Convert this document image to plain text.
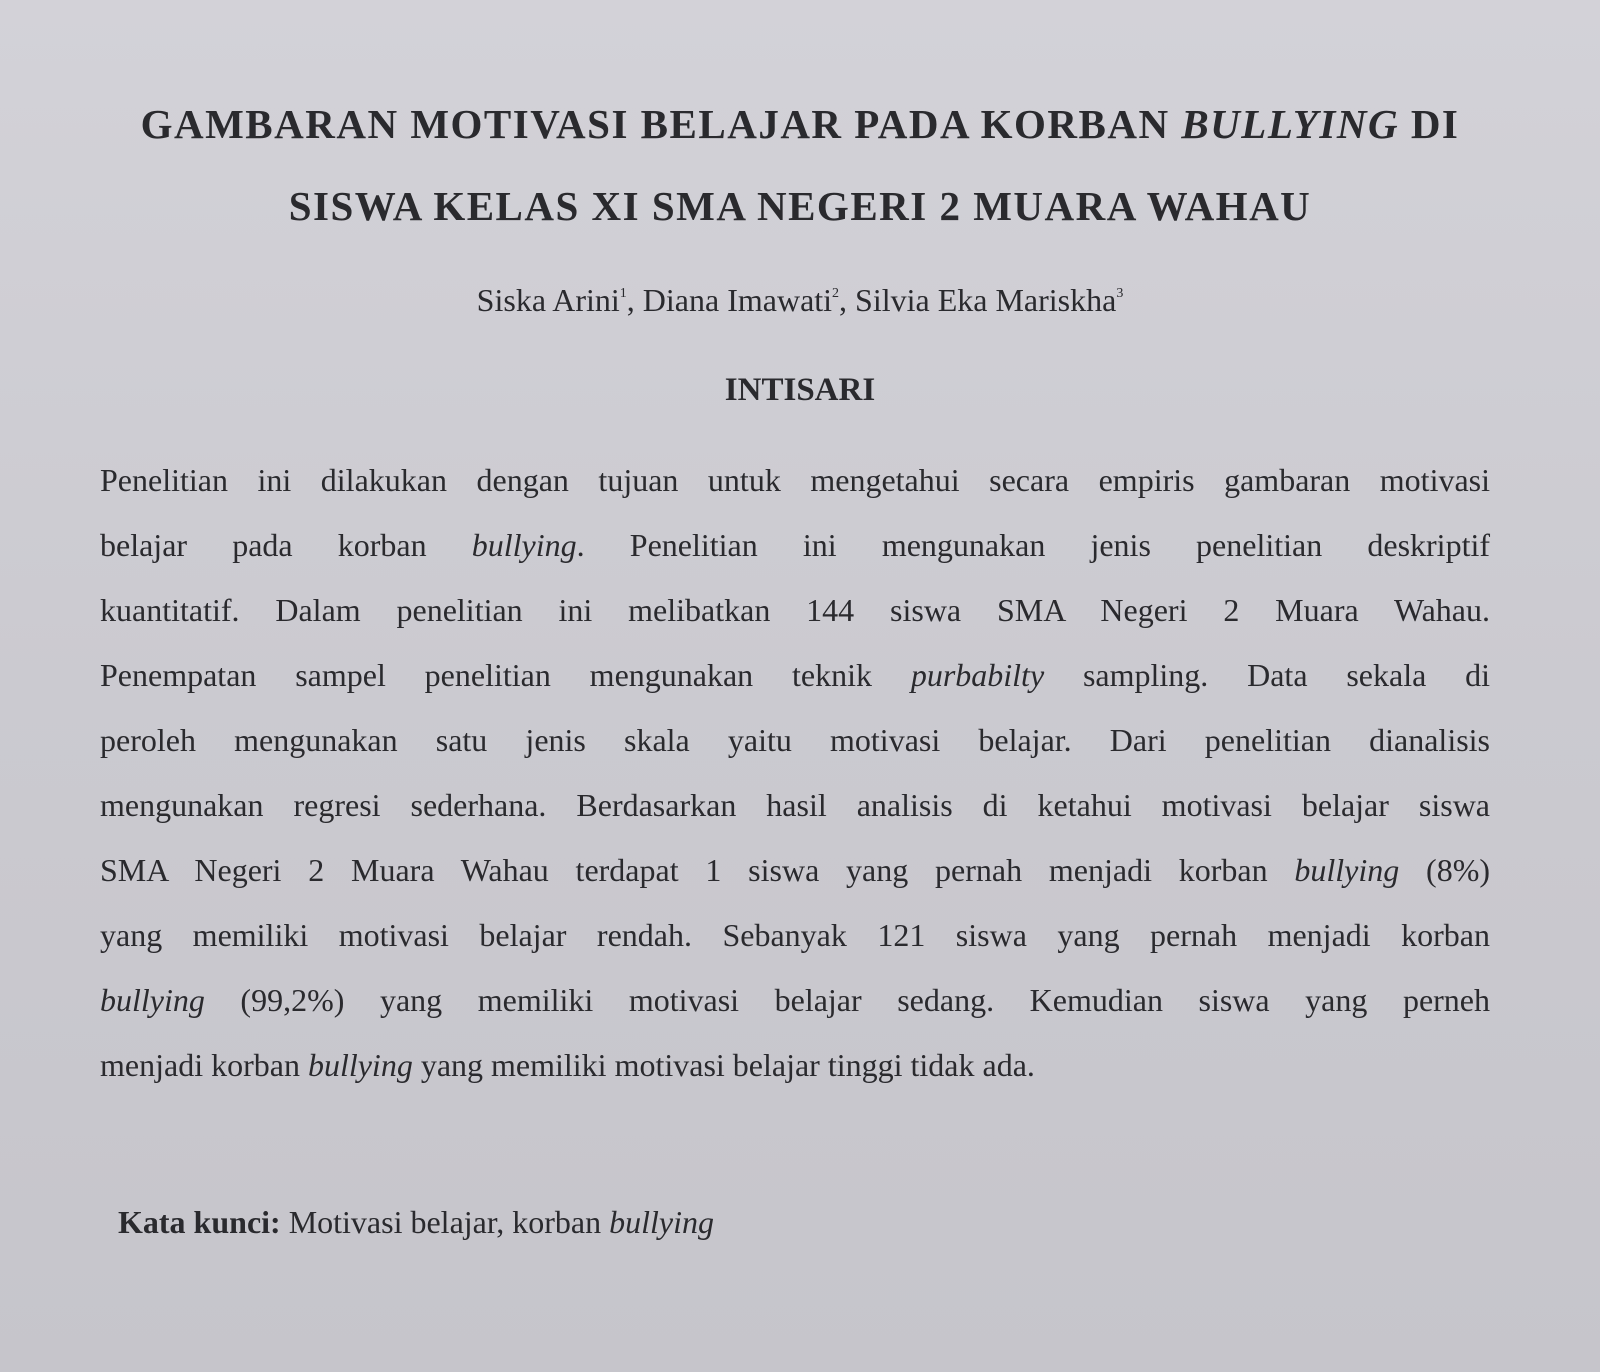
GAMBARAN MOTIVASI BELAJAR PADA KORBAN BULLYING DI
SISWA KELAS XI SMA NEGERI 2 MUARA WAHAU
Siska Arini$^1$, Diana Imawati$^2$, Silvia Eka Mariskha$^3$
INTISARI
Penelitian ini dilakukan dengan tujuan untuk mengetahui secara empiris gambaran motivasi
belajar pada korban bullying. Penelitian ini mengunakan jenis penelitian deskriptif
kuantitatif. Dalam penelitian ini melibatkan 144 siswa SMA Negeri 2 Muara Wahau.
Penempatan sampel penelitian mengunakan teknik purbabilty sampling. Data sekala di
peroleh mengunakan satu jenis skala yaitu motivasi belajar. Dari penelitian dianalisis
mengunakan regresi sederhana. Berdasarkan hasil analisis di ketahui motivasi belajar siswa
SMA Negeri 2 Muara Wahau terdapat 1 siswa yang pernah menjadi korban bullying (8%)
yang memiliki motivasi belajar rendah. Sebanyak 121 siswa yang pernah menjadi korban
bullying (99,2%) yang memiliki motivasi belajar sedang. Kemudian siswa yang perneh
menjadi korban bullying yang memiliki motivasi belajar tinggi tidak ada.
Kata kunci: Motivasi belajar, korban bullying
